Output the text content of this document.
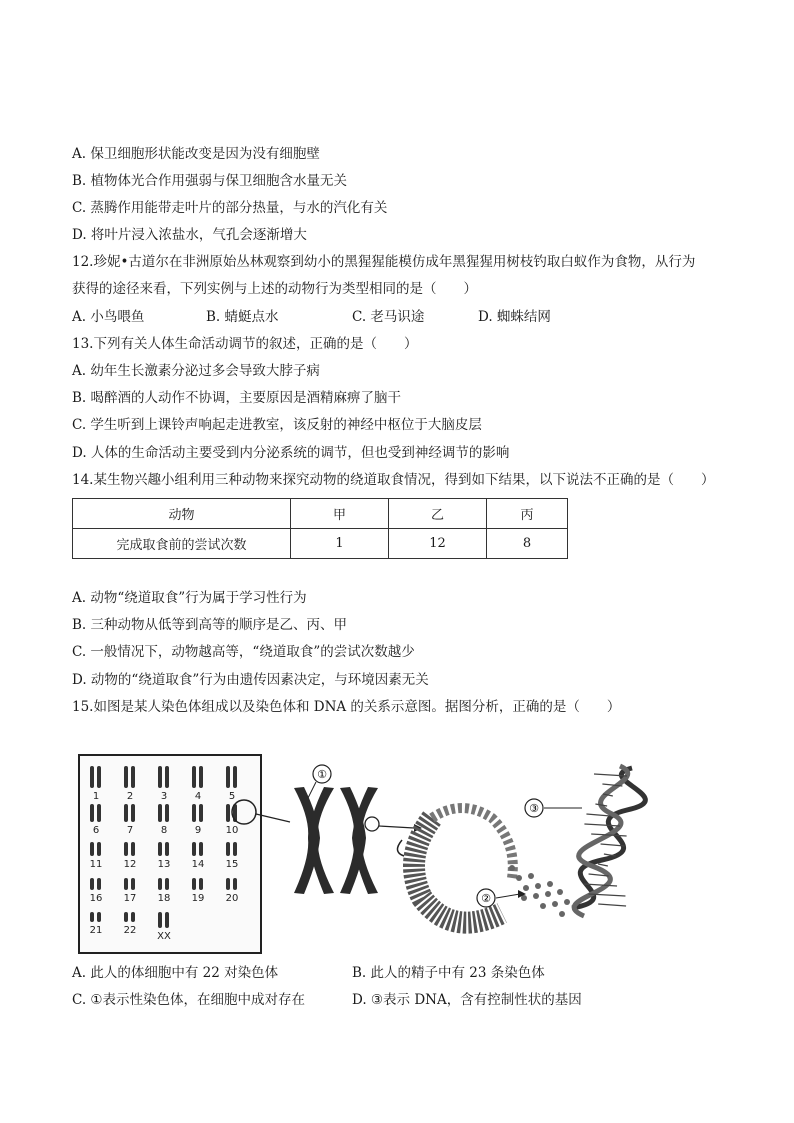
A. 保卫细胞形状能改变是因为没有细胞壁
B. 植物体光合作用强弱与保卫细胞含水量无关
C. 蒸腾作用能带走叶片的部分热量，与水的汽化有关
D. 将叶片浸入浓盐水，气孔会逐渐增大
12.珍妮•古道尔在非洲原始丛林观察到幼小的黑猩猩能模仿成年黑猩猩用树枝钓取白蚁作为食物，从行为
获得的途径来看，下列实例与上述的动物行为类型相同的是（　　）
A. 小鸟喂鱼	B. 蜻蜓点水	C. 老马识途	D. 蜘蛛结网
13.下列有关人体生命活动调节的叙述，正确的是（　　）
A. 幼年生长激素分泌过多会导致大脖子病
B. 喝醉酒的人动作不协调，主要原因是酒精麻痹了脑干
C. 学生听到上课铃声响起走进教室，该反射的神经中枢位于大脑皮层
D. 人体的生命活动主要受到内分泌系统的调节，但也受到神经调节的影响
14.某生物兴趣小组利用三种动物来探究动物的绕道取食情况，得到如下结果，以下说法不正确的是（　　）
动物	甲	乙	丙
完成取食前的尝试次数	1	12	8
A. 动物“绕道取食”行为属于学习性行为
B. 三种动物从低等到高等的顺序是乙、丙、甲
C. 一般情况下，动物越高等，“绕道取食”的尝试次数越少
D. 动物的“绕道取食”行为由遗传因素决定，与环境因素无关
15.如图是某人染色体组成以及染色体和 DNA 的关系示意图。据图分析，正确的是（　　）
1	2	3	4	5
6	7	8	9 10
11 12 13 14 15
16 17 18 19 20
21 22
XX
①
②
③
A. 此人的体细胞中有 22 对染色体	B. 此人的精子中有 23 条染色体
C. ①表示性染色体，在细胞中成对存在	D. ③表示 DNA，含有控制性状的基因
